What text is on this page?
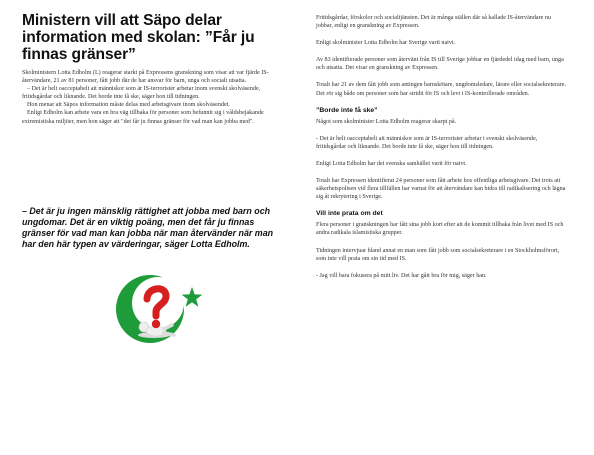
Ministern vill att Säpo delar information med skolan: ”Får ju finnas gränser”

Skolministern Lotta Edholm (L) reagerar starkt på Expressens granskning som visar att var fjärde IS-återvändare, 21 av 81 personer, fått jobb där de har ansvar för barn, unga och socialt utsatta.

– Det är helt oacceptabelt att människor som är IS-terrorister arbetar inom svenskt skolväsende, fritidsgårdar och liknande. Det borde inte få ske, säger hon till tidningen.

Hon menar att Säpos information måste delas med arbetsgivare inom skolväsendet.

Enligt Edholm kan arbete vara en bra väg tillbaka för personer som befunnit sig i våldsbejakande extremistiska miljöer, men hon säger att "det får ju finnas gränser för vad man kan jobba med".

– Det är ju ingen mänsklig rättighet att jobba med barn och ungdomar. Det är en viktig poäng, men det får ju finnas gränser för vad man kan jobba när man återvänder när man har den här typen av värderingar, säger Lotta Edholm.

Fritidsgårdar, förskolor och socialtjänsten. Det är många ställen där så kallade IS-återvändare nu jobbar, enligt en granskning av Expressen.

Enligt skolminister Lotta Edholm har Sverige varit naivt.

Av 83 identifierade personer som återvänt från IS till Sverige jobbar en fjärdedel idag med barn, unga och utsatta. Det visar en granskning av Expressen.

Totalt har 21 av dem fått jobb som antingen barnskötare, ungdomsledare, lärare eller socialsekreterare. Det rör sig både om personer som har stridit för IS och levt i IS-kontrollerade områden.

”Borde inte få ske”

Något som skolminister Lotta Edholm reagerar skarpt på.

- Det är helt oacceptabelt att människor som är IS-terrorister arbetar i svenskt skolväsende, fritidsgårdar och liknande. Det borde inte få ske, säger hon till tidningen.

Enligt Lotta Edholm har det svenska samhället varit för naivt.

Totalt har Expressen identifierat 24 personer som fått arbete hos offentliga arbetsgivare. Det trots att säkerhetspolisen vid flera tillfällen har varnat för att återvändare kan bidra till radikalisering och lägna sig åt rekrytering i Sverige.

Vill inte prata om det

Flera personer i granskningen har fått sina jobb kort efter att de kommit tillbaka från livet med IS och andra radikala islamistiska grupper.

Tidningen intervjuar bland annat en man som fått jobb som socialsekreterare i en Stockholmsförort, som inte vill prata om sin tid med IS.

- Jag vill bara fokusera på mitt liv. Det har gått bra för mig, säger han.
